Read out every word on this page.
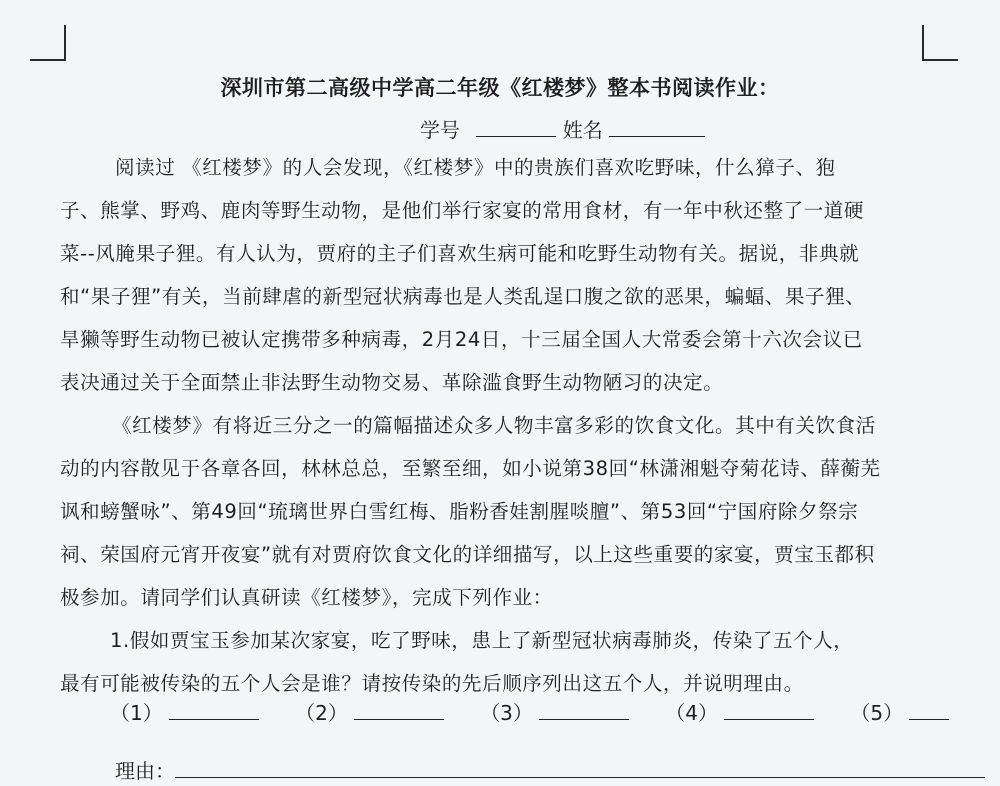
深圳市第二高级中学高二年级《红楼梦》整本书阅读作业：
学号	姓名
阅读过 《红楼梦》的人会发现，《红楼梦》中的贵族们喜欢吃野味，什么獐子、狍
子、熊掌、野鸡、鹿肉等野生动物，是他们举行家宴的常用食材，有一年中秋还整了一道硬
菜--风腌果子狸。有人认为，贾府的主子们喜欢生病可能和吃野生动物有关。据说，非典就
和“果子狸”有关，当前肆虐的新型冠状病毒也是人类乱逞口腹之欲的恶果，蝙蝠、果子狸、
旱獭等野生动物已被认定携带多种病毒，2月24日，十三届全国人大常委会第十六次会议已
表决通过关于全面禁止非法野生动物交易、革除滥食野生动物陋习的决定。
《红楼梦》有将近三分之一的篇幅描述众多人物丰富多彩的饮食文化。其中有关饮食活
动的内容散见于各章各回，林林总总，至繁至细，如小说第38回“林潇湘魁夺菊花诗、薛蘅芜
讽和螃蟹咏”、第49回“琉璃世界白雪红梅、脂粉香娃割腥啖膻”、第53回“宁国府除夕祭宗
祠、荣国府元宵开夜宴”就有对贾府饮食文化的详细描写，以上这些重要的家宴，贾宝玉都积
极参加。请同学们认真研读《红楼梦》，完成下列作业：
1.假如贾宝玉参加某次家宴，吃了野味，患上了新型冠状病毒肺炎，传染了五个人，
最有可能被传染的五个人会是谁？请按传染的先后顺序列出这五个人，并说明理由。
（1）	（2）	（3）	（4）	（5）
理由：
